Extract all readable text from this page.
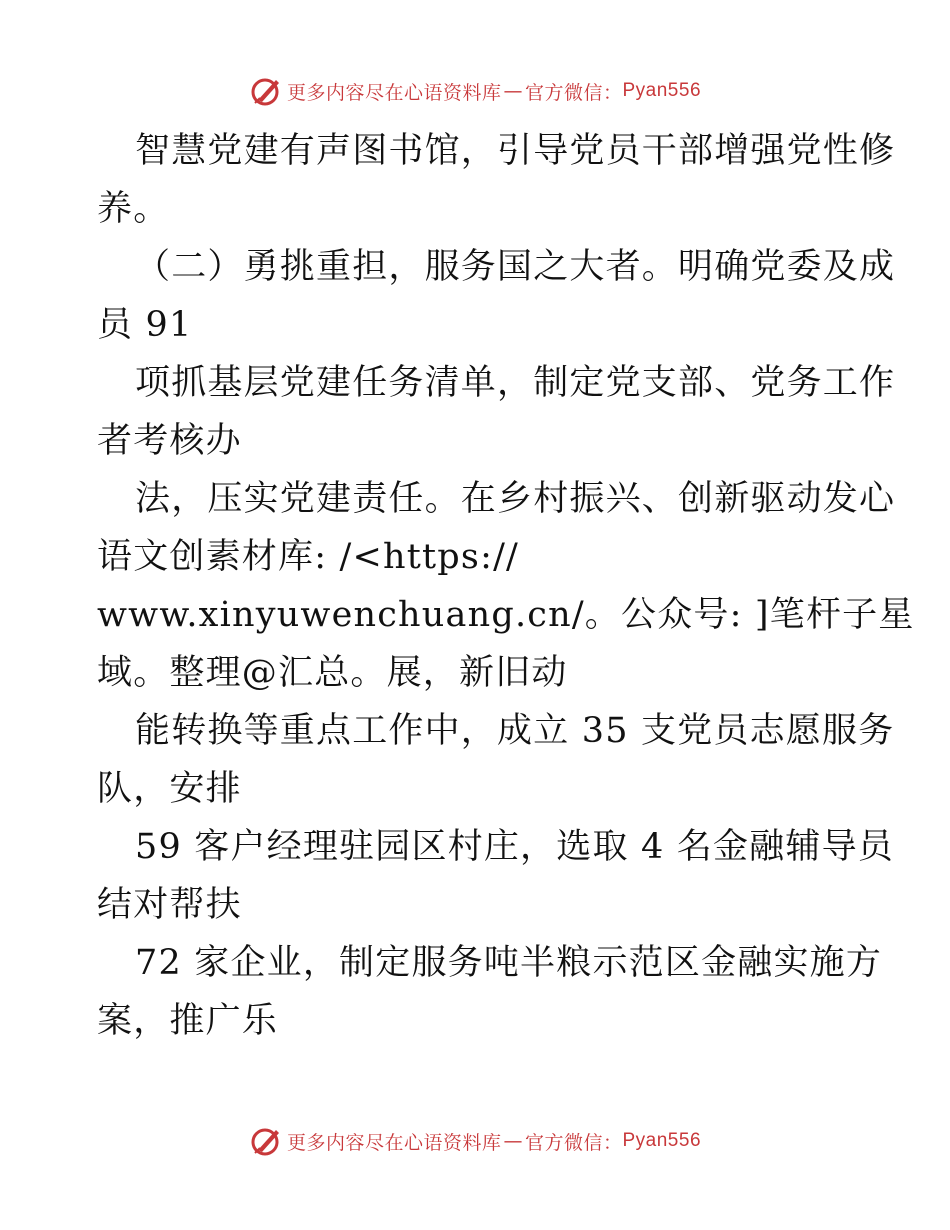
更多内容尽在心语资料库 — 官方微信： Pyan556
智慧党建有声图书馆，引导党员干部增强党性修
养。
（二）勇挑重担，服务国之大者。明确党委及成
员 91
项抓基层党建任务清单，制定党支部、党务工作
者考核办
法，压实党建责任。在乡村振兴、创新驱动发心
语文创素材库: /<https://
www.xinyuwenchuang.cn/。公众号: ]笔杆子星
域。整理@汇总。展，新旧动
能转换等重点工作中，成立 35 支党员志愿服务
队，安排
59 客户经理驻园区村庄，选取 4 名金融辅导员
结对帮扶
72 家企业，制定服务吨半粮示范区金融实施方
案，推广乐
更多内容尽在心语资料库 — 官方微信： Pyan556
